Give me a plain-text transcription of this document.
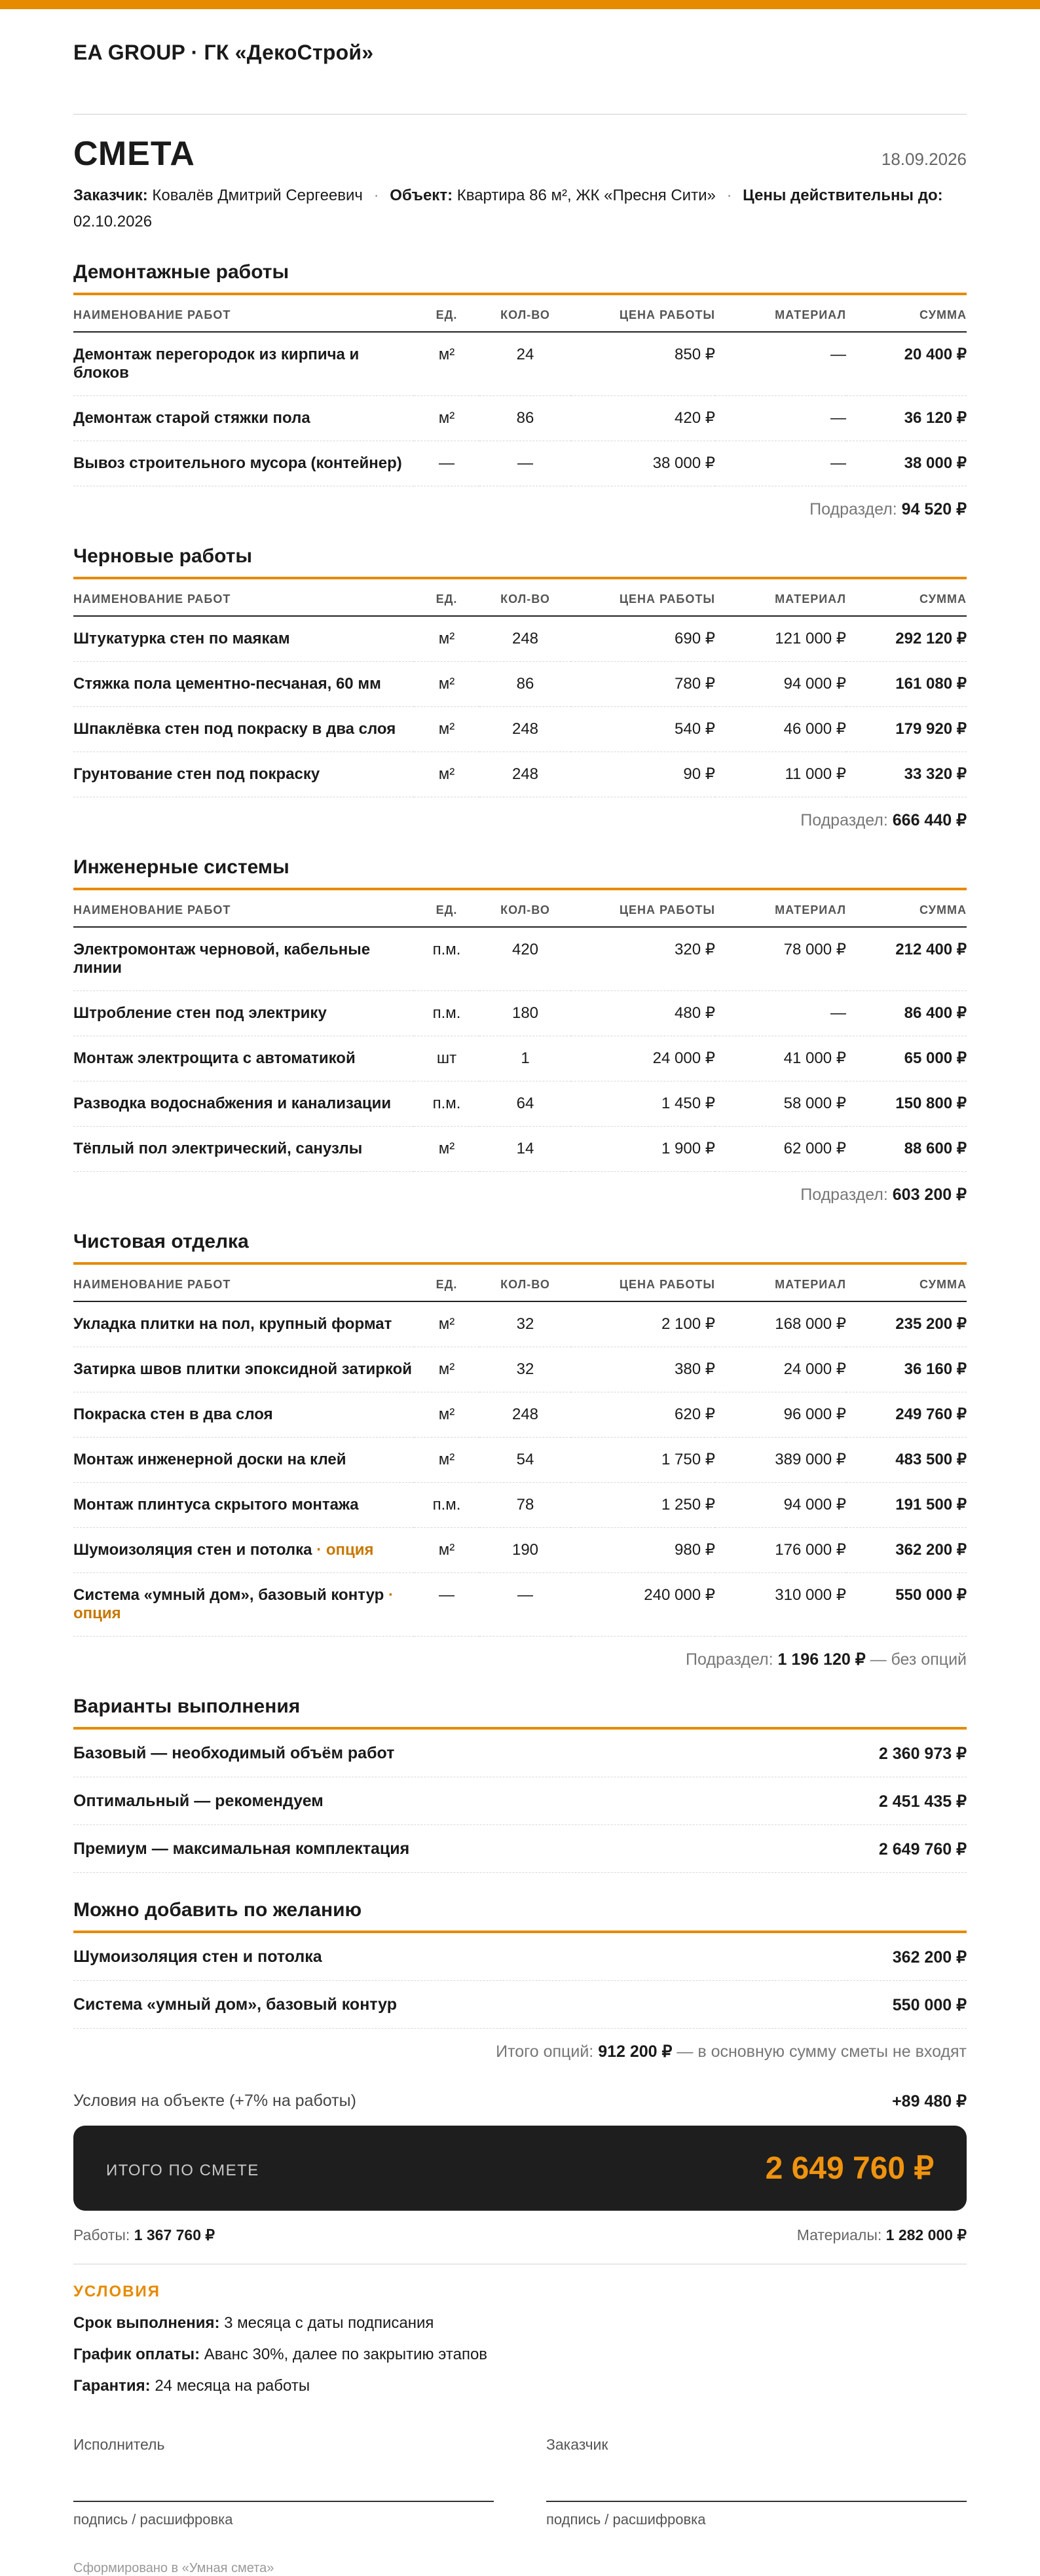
EA GROUP · ГК «ДекоСтрой»
СМЕТА	18.09.2026
Заказчик: Ковалёв Дмитрий Сергеевич · Объект: Квартира 86 м², ЖК «Пресня Сити» · Цены действительны до: 02.10.2026
Демонтажные работы
НАИМЕНОВАНИЕ РАБОТ	ЕД.	КОЛ-ВО	ЦЕНА РАБОТЫ	МАТЕРИАЛ	СУММА
Демонтаж перегородок из кирпича и блоков	м²	24	850 ₽	—	20 400 ₽
Демонтаж старой стяжки пола	м²	86	420 ₽	—	36 120 ₽
Вывоз строительного мусора (контейнер)	—	—	38 000 ₽	—	38 000 ₽
Подраздел: 94 520 ₽
Черновые работы
НАИМЕНОВАНИЕ РАБОТ	ЕД.	КОЛ-ВО	ЦЕНА РАБОТЫ	МАТЕРИАЛ	СУММА
Штукатурка стен по маякам	м²	248	690 ₽	121 000 ₽	292 120 ₽
Стяжка пола цементно-песчаная, 60 мм	м²	86	780 ₽	94 000 ₽	161 080 ₽
Шпаклёвка стен под покраску в два слоя	м²	248	540 ₽	46 000 ₽	179 920 ₽
Грунтование стен под покраску	м²	248	90 ₽	11 000 ₽	33 320 ₽
Подраздел: 666 440 ₽
Инженерные системы
НАИМЕНОВАНИЕ РАБОТ	ЕД.	КОЛ-ВО	ЦЕНА РАБОТЫ	МАТЕРИАЛ	СУММА
Электромонтаж черновой, кабельные линии	п.м.	420	320 ₽	78 000 ₽	212 400 ₽
Штробление стен под электрику	п.м.	180	480 ₽	—	86 400 ₽
Монтаж электрощита с автоматикой	шт	1	24 000 ₽	41 000 ₽	65 000 ₽
Разводка водоснабжения и канализации	п.м.	64	1 450 ₽	58 000 ₽	150 800 ₽
Тёплый пол электрический, санузлы	м²	14	1 900 ₽	62 000 ₽	88 600 ₽
Подраздел: 603 200 ₽
Чистовая отделка
НАИМЕНОВАНИЕ РАБОТ	ЕД.	КОЛ-ВО	ЦЕНА РАБОТЫ	МАТЕРИАЛ	СУММА
Укладка плитки на пол, крупный формат	м²	32	2 100 ₽	168 000 ₽	235 200 ₽
Затирка швов плитки эпоксидной затиркой	м²	32	380 ₽	24 000 ₽	36 160 ₽
Покраска стен в два слоя	м²	248	620 ₽	96 000 ₽	249 760 ₽
Монтаж инженерной доски на клей	м²	54	1 750 ₽	389 000 ₽	483 500 ₽
Монтаж плинтуса скрытого монтажа	п.м.	78	1 250 ₽	94 000 ₽	191 500 ₽
Шумоизоляция стен и потолка · опция	м²	190	980 ₽	176 000 ₽	362 200 ₽
Система «умный дом», базовый контур · опция	—	—	240 000 ₽	310 000 ₽	550 000 ₽
Подраздел: 1 196 120 ₽ — без опций
Варианты выполнения
Базовый — необходимый объём работ	2 360 973 ₽
Оптимальный — рекомендуем	2 451 435 ₽
Премиум — максимальная комплектация	2 649 760 ₽
Можно добавить по желанию
Шумоизоляция стен и потолка	362 200 ₽
Система «умный дом», базовый контур	550 000 ₽
Итого опций: 912 200 ₽ — в основную сумму сметы не входят
Условия на объекте (+7% на работы)	+89 480 ₽
ИТОГО ПО СМЕТЕ	2 649 760 ₽
Работы: 1 367 760 ₽	Материалы: 1 282 000 ₽
УСЛОВИЯ
Срок выполнения: 3 месяца с даты подписания
График оплаты: Аванс 30%, далее по закрытию этапов
Гарантия: 24 месяца на работы
Исполнитель
подпись / расшифровка
Заказчик
подпись / расшифровка
Сформировано в «Умная смета»
